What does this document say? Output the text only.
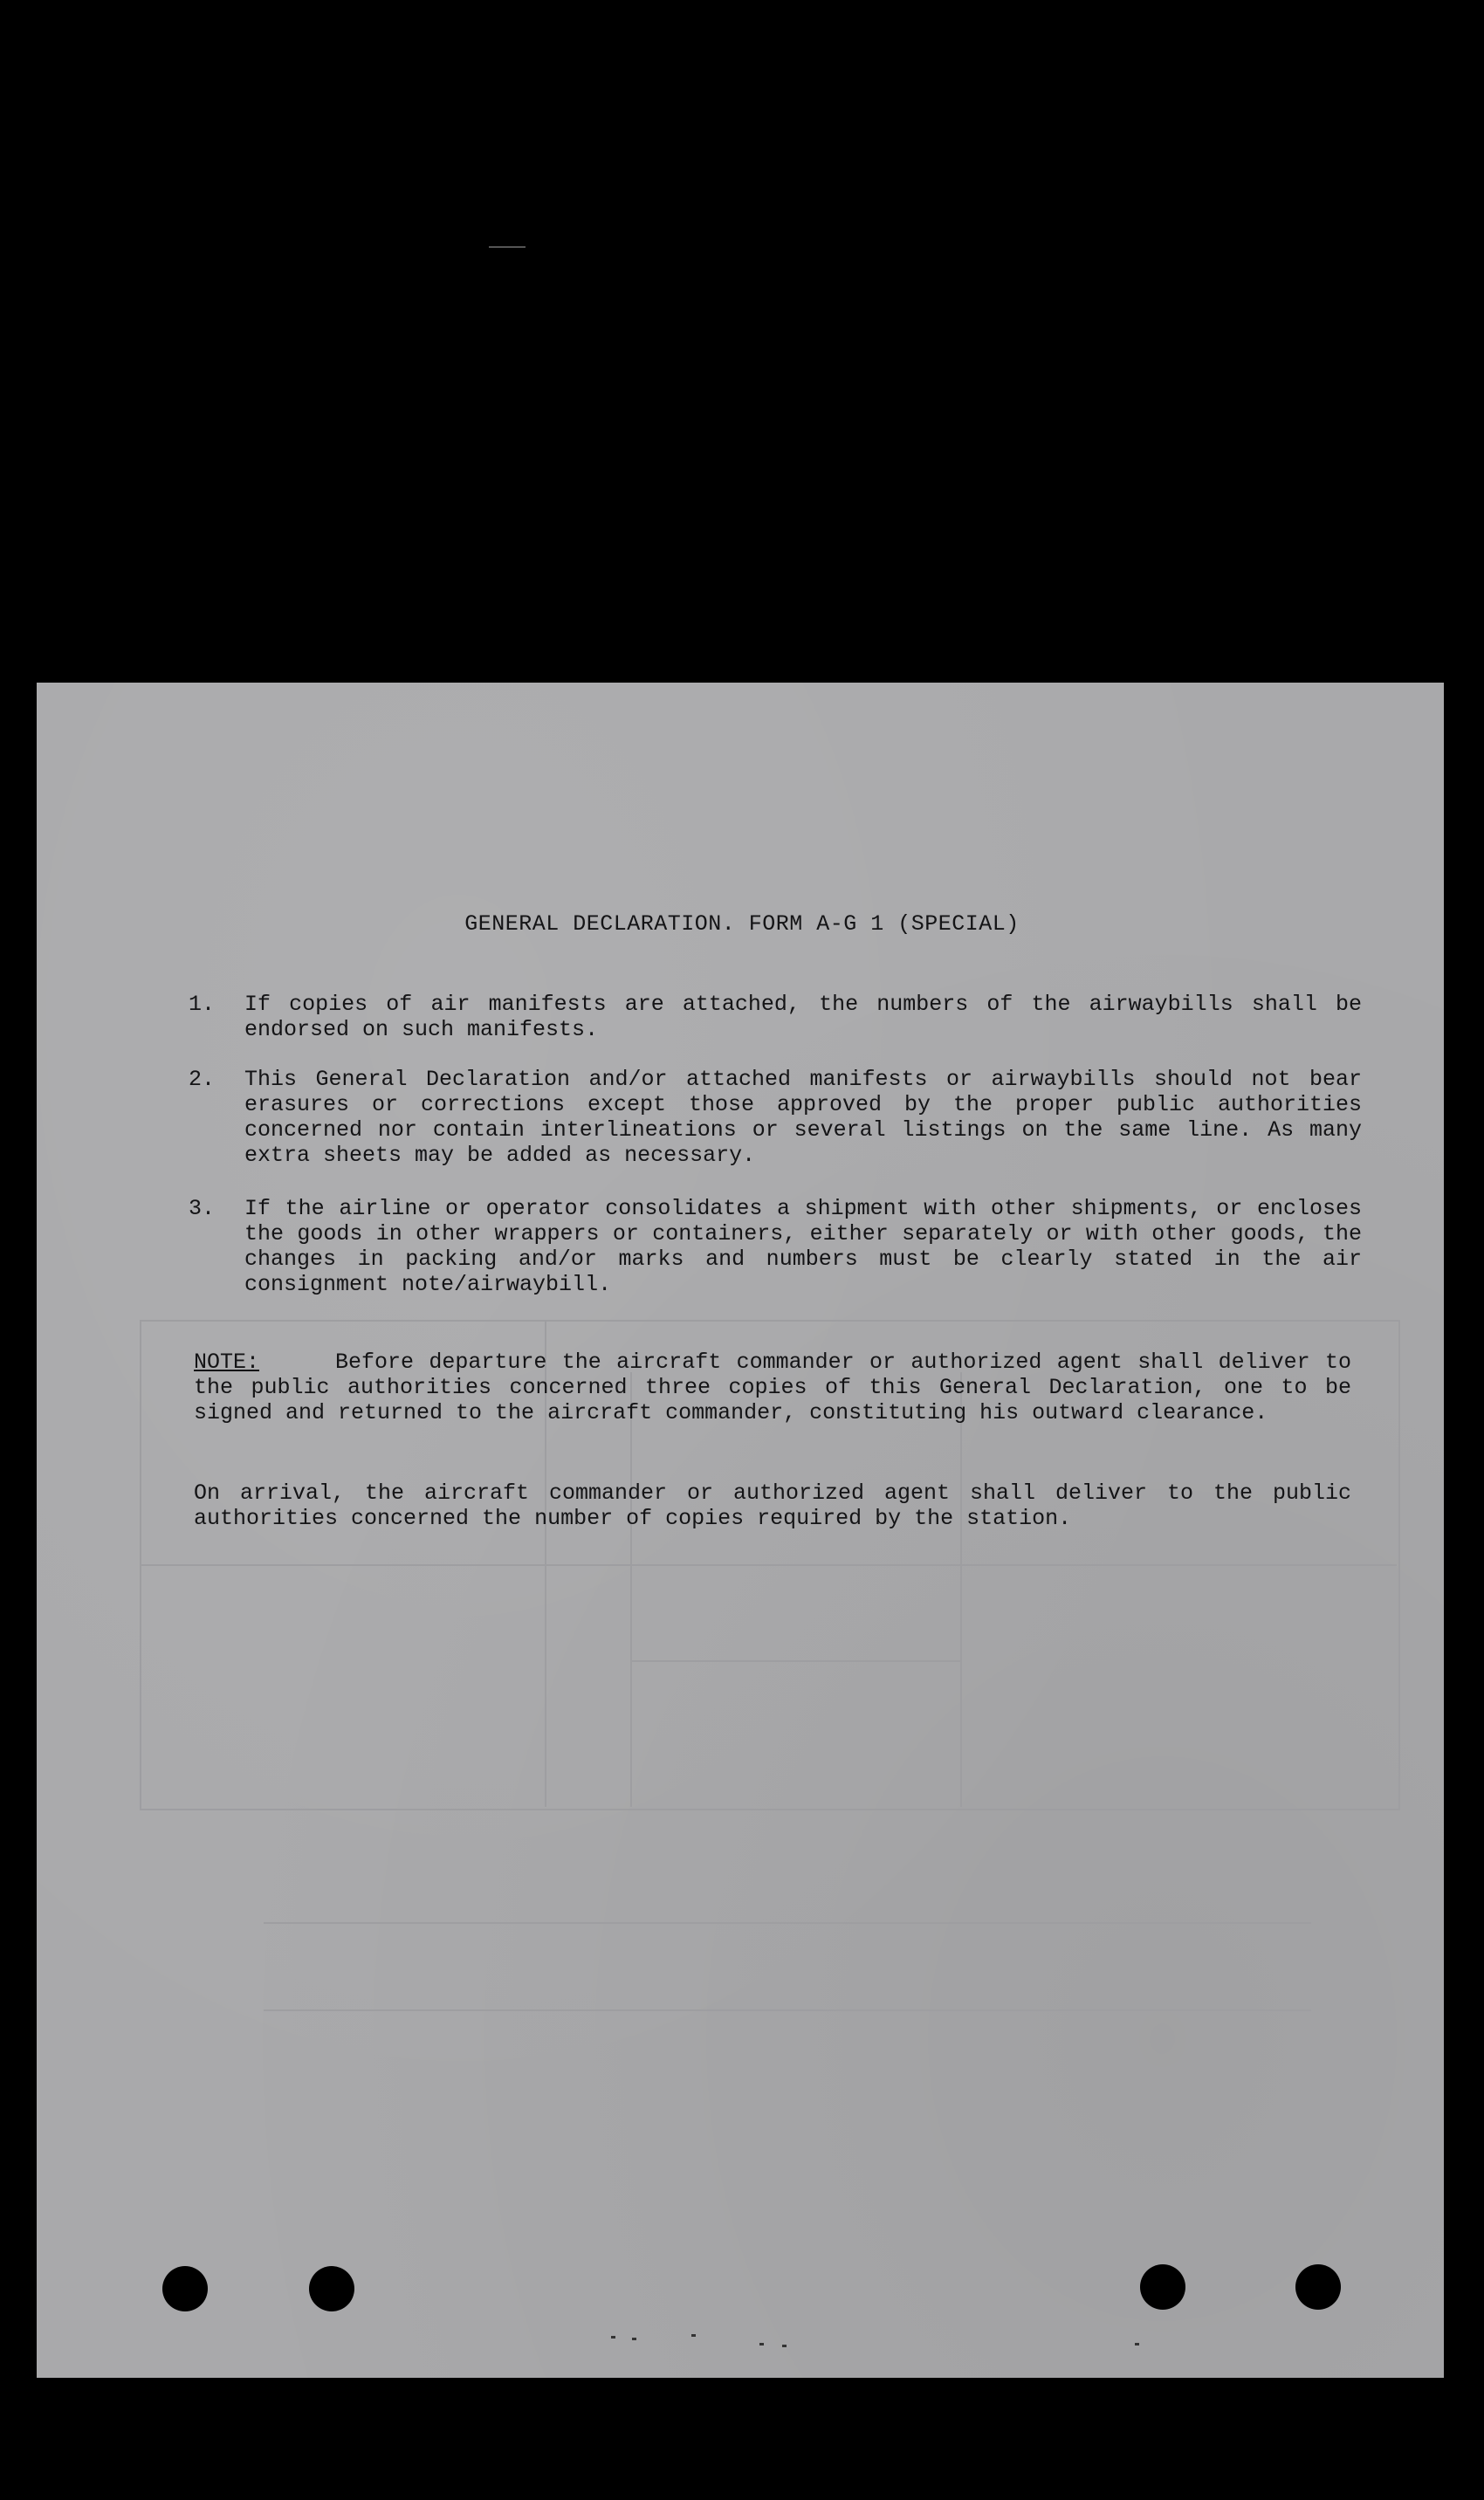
GENERAL DECLARATION. FORM A-G 1 (SPECIAL)
1. If copies of air manifests are attached, the numbers of the airwaybills shall be endorsed on such manifests.
2. This General Declaration and/or attached manifests or airwaybills should not bear erasures or corrections except those approved by the proper public authorities concerned nor contain interlineations or several listings on the same line. As many extra sheets may be added as necessary.
3. If the airline or operator consolidates a shipment with other shipments, or encloses the goods in other wrappers or containers, either separately or with other goods, the changes in packing and/or marks and numbers must be clearly stated in the air consignment note/airwaybill.
NOTE:	Before departure the aircraft commander or authorized agent shall deliver to the public authorities concerned three copies of this General Declaration, one to be signed and returned to the aircraft commander, constituting his outward clearance.
On arrival, the aircraft commander or authorized agent shall deliver to the public authorities concerned the number of copies required by the station.
